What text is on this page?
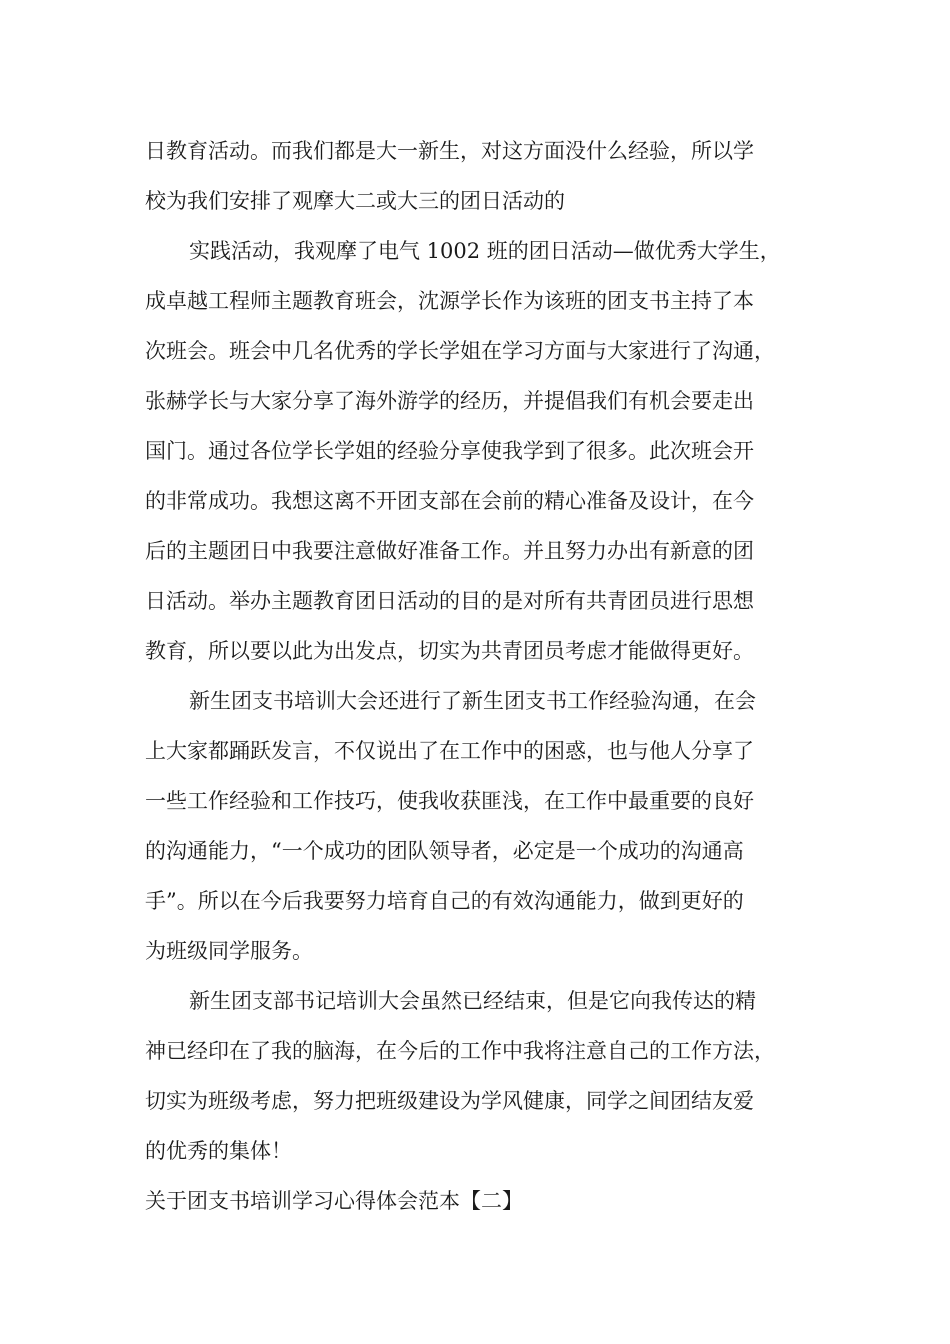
日教育活动。而我们都是大一新生，对这方面没什么经验，所以学
校为我们安排了观摩大二或大三的团日活动的
实践活动，我观摩了电气 1002 班的团日活动—做优秀大学生，
成卓越工程师主题教育班会，沈源学长作为该班的团支书主持了本
次班会。班会中几名优秀的学长学姐在学习方面与大家进行了沟通，
张赫学长与大家分享了海外游学的经历，并提倡我们有机会要走出
国门。通过各位学长学姐的经验分享使我学到了很多。此次班会开
的非常成功。我想这离不开团支部在会前的精心准备及设计，在今
后的主题团日中我要注意做好准备工作。并且努力办出有新意的团
日活动。举办主题教育团日活动的目的是对所有共青团员进行思想
教育，所以要以此为出发点，切实为共青团员考虑才能做得更好。
新生团支书培训大会还进行了新生团支书工作经验沟通，在会
上大家都踊跃发言，不仅说出了在工作中的困惑，也与他人分享了
一些工作经验和工作技巧，使我收获匪浅，在工作中最重要的良好
的沟通能力，“一个成功的团队领导者，必定是一个成功的沟通高
手”。所以在今后我要努力培育自己的有效沟通能力，做到更好的
为班级同学服务。
新生团支部书记培训大会虽然已经结束，但是它向我传达的精
神已经印在了我的脑海，在今后的工作中我将注意自己的工作方法，
切实为班级考虑，努力把班级建设为学风健康，同学之间团结友爱
的优秀的集体！
关于团支书培训学习心得体会范本【二】
